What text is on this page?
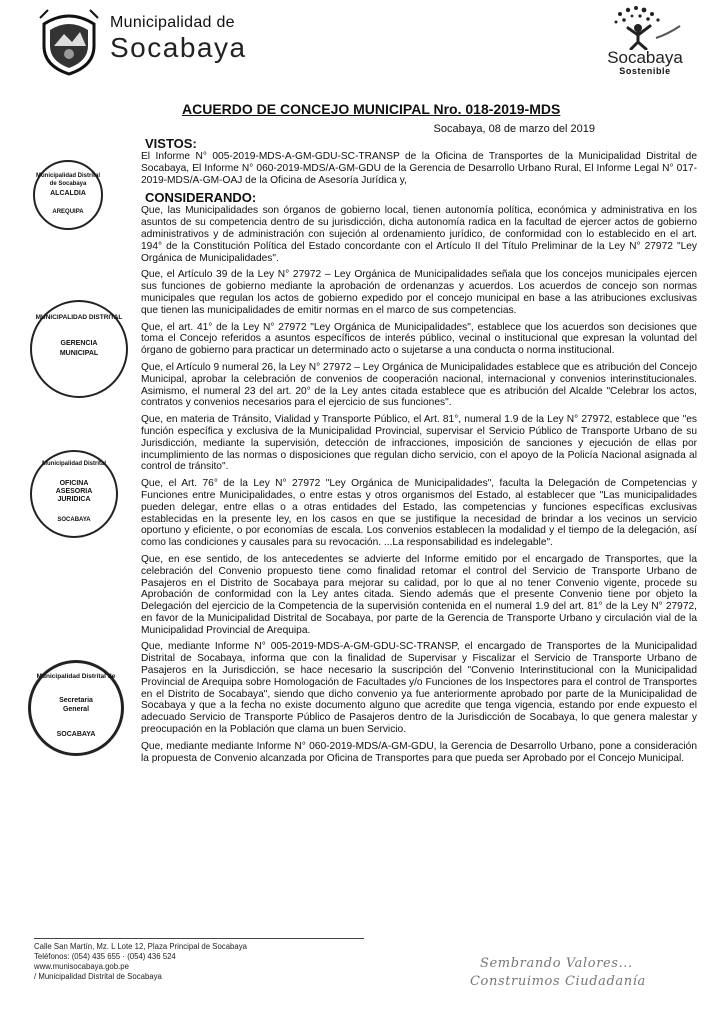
Municipalidad de
Socabaya	Socabaya
Sostenible
ACUERDO DE CONCEJO MUNICIPAL Nro. 018-2019-MDS
Socabaya, 08 de marzo del 2019
Municipalidad Distrital de Socabaya
ALCALDIA
AREQUIPA
MUNICIPALIDAD DISTRITAL
GERENCIA
MUNICIPAL
Municipalidad Distrital
OFICINA
ASESORIA
JURIDICA
SOCABAYA
Municipalidad Distrital de
Secretaria
General
SOCABAYA
VISTOS:

El Informe N° 005-2019-MDS-A-GM-GDU-SC-TRANSP de la Oficina de Transportes de la Municipalidad Distrital de Socabaya, El Informe N° 060-2019-MDS/A-GM-GDU de la Gerencia de Desarrollo Urbano Rural, El Informe Legal N° 017-2019-MDS/A-GM-OAJ de la Oficina de Asesoría Jurídica y,

CONSIDERANDO:

Que, las Municipalidades son órganos de gobierno local, tienen autonomía política, económica y administrativa en los asuntos de su competencia dentro de su jurisdicción, dicha autonomía radica en la facultad de ejercer actos de gobierno administrativos y de administración con sujeción al ordenamiento jurídico, de conformidad con lo establecido en el art. 194° de la Constitución Política del Estado concordante con el Artículo II del Título Preliminar de la Ley N° 27972 "Ley Orgánica de Municipalidades".

Que, el Artículo 39 de la Ley N° 27972 – Ley Orgánica de Municipalidades señala que los concejos municipales ejercen sus funciones de gobierno mediante la aprobación de ordenanzas y acuerdos. Los acuerdos de concejo son normas municipales que regulan los actos de gobierno expedido por el concejo municipal en base a las atribuciones exclusivas que tienen las municipalidades de emitir normas en el marco de sus competencias.

Que, el art. 41° de la Ley N° 27972 "Ley Orgánica de Municipalidades", establece que los acuerdos son decisiones que toma el Concejo referidos a asuntos específicos de interés público, vecinal o institucional que expresan la voluntad del órgano de gobierno para practicar un determinado acto o sujetarse a una conducta o norma institucional.

Que, el Artículo 9 numeral 26, la Ley N° 27972 – Ley Orgánica de Municipalidades establece que es atribución del Concejo Municipal, aprobar la celebración de convenios de cooperación nacional, internacional y convenios interinstitucionales. Asimismo, el numeral 23 del art. 20° de la Ley antes citada establece que es atribución del Alcalde "Celebrar los actos, contratos y convenios necesarios para el ejercicio de sus funciones".

Que, en materia de Tránsito, Vialidad y Transporte Público, el Art. 81°, numeral 1.9 de la Ley N° 27972, establece que "es función específica y exclusiva de la Municipalidad Provincial, supervisar el Servicio Público de Transporte Urbano de su Jurisdicción, mediante la supervisión, detección de infracciones, imposición de sanciones y ejecución de ellas por incumplimiento de las normas o disposiciones que regulan dicho servicio, con el apoyo de la Policía Nacional asignada al control de tránsito".

Que, el Art. 76° de la Ley N° 27972 "Ley Orgánica de Municipalidades", faculta la Delegación de Competencias y Funciones entre Municipalidades, o entre estas y otros organismos del Estado, al establecer que "Las municipalidades pueden delegar, entre ellas o a otras entidades del Estado, las competencias y funciones específicas exclusivas establecidas en la presente ley, en los casos en que se justifique la necesidad de brindar a los vecinos un servicio oportuno y eficiente, o por economías de escala. Los convenios establecen la modalidad y el tiempo de la delegación, así como las condiciones y causales para su revocación. ...La responsabilidad es indelegable".

Que, en ese sentido, de los antecedentes se advierte del Informe emitido por el encargado de Transportes, que la celebración del Convenio propuesto tiene como finalidad retomar el control del Servicio de Transporte Urbano de Pasajeros en el Distrito de Socabaya para mejorar su calidad, por lo que al no tener Convenio vigente, procede su Aprobación de conformidad con la Ley antes citada. Siendo además que el presente Convenio tiene por objeto la Delegación del ejercicio de la Competencia de la supervisión contenida en el numeral 1.9 del art. 81° de la Ley N° 27972, en favor de la Municipalidad Distrital de Socabaya, por parte de la Gerencia de Transporte Urbano y circulación vial de la Municipalidad Provincial de Arequipa.

Que, mediante Informe N° 005-2019-MDS-A-GM-GDU-SC-TRANSP, el encargado de Transportes de la Municipalidad Distrital de Socabaya, informa que con la finalidad de Supervisar y Fiscalizar el Servicio de Transporte Urbano de Pasajeros en la Jurisdicción, se hace necesario la suscripción del "Convenio Interinstitucional con la Municipalidad Provincial de Arequipa sobre Homologación de Facultades y/o Funciones de los Inspectores para el control de Transportes en el Distrito de Socabaya", siendo que dicho convenio ya fue anteriormente aprobado por parte de la Municipalidad de Socabaya y que a la fecha no existe documento alguno que acredite que tenga vigencia, estando por ende expuesto el adecuado Servicio de Transporte Público de Pasajeros dentro de la Jurisdicción de Socabaya, lo que genera malestar y preocupación en la Población que clama un buen Servicio.

Que, mediante mediante Informe N° 060-2019-MDS/A-GM-GDU, la Gerencia de Desarrollo Urbano, pone a consideración la propuesta de Convenio alcanzada por Oficina de Transportes para que pueda ser Aprobado por el Concejo Municipal.

Calle San Martín, Mz. L Lote 12, Plaza Principal de Socabaya
Teléfonos: (054) 435 655 · (054) 436 524
www.munisocabaya.gob.pe
/ Municipalidad Distrital de Socabaya
Sembrando Valores...
Construimos Ciudadanía
